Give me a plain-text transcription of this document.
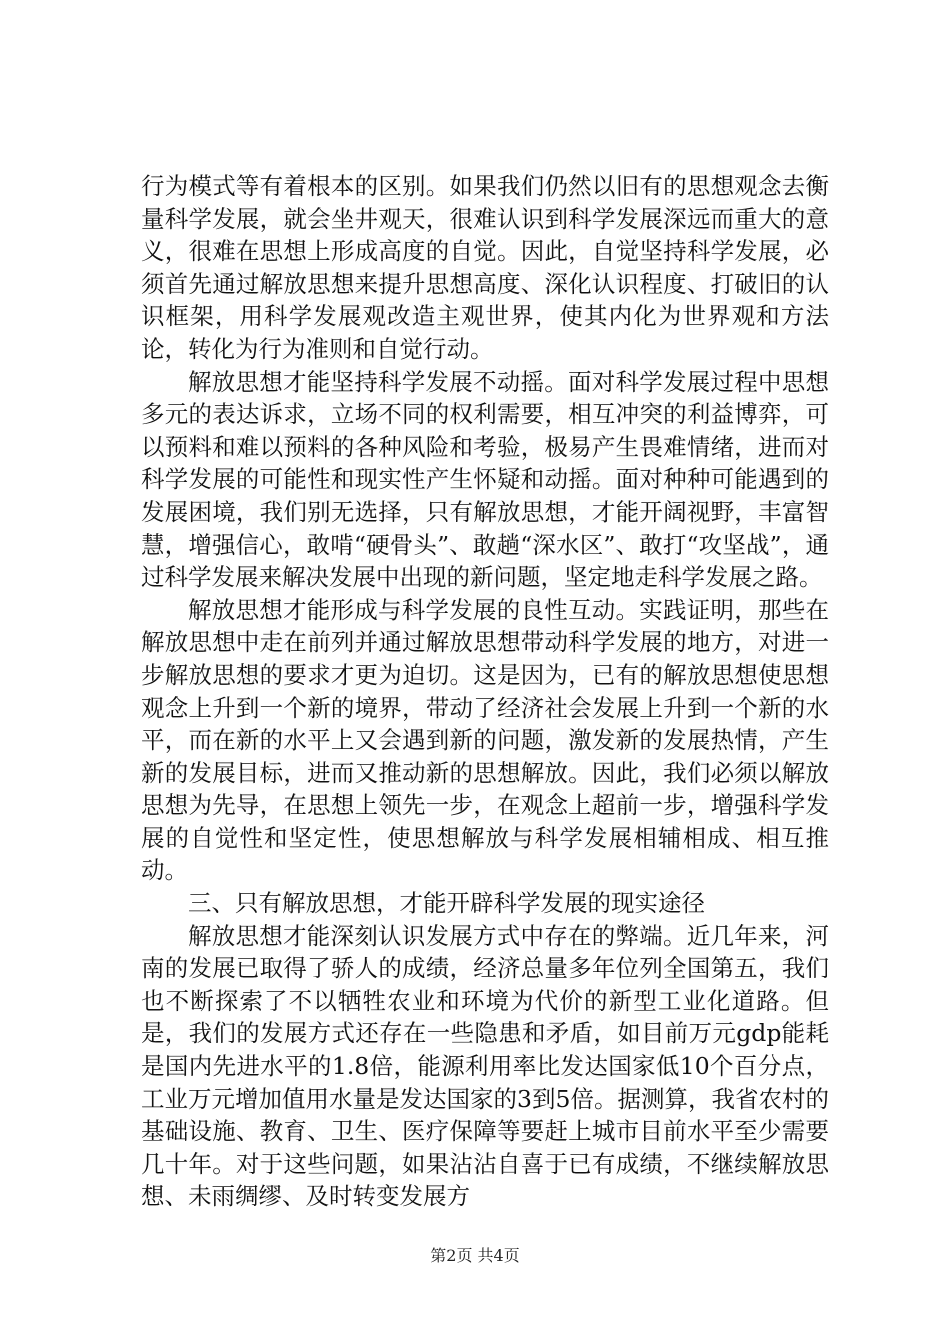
行为模式等有着根本的区别。如果我们仍然以旧有的思想观念去衡量科学发展，就会坐井观天，很难认识到科学发展深远而重大的意义，很难在思想上形成高度的自觉。因此，自觉坚持科学发展，必须首先通过解放思想来提升思想高度、深化认识程度、打破旧的认识框架，用科学发展观改造主观世界，使其内化为世界观和方法论，转化为行为准则和自觉行动。

解放思想才能坚持科学发展不动摇。面对科学发展过程中思想多元的表达诉求，立场不同的权利需要，相互冲突的利益博弈，可以预料和难以预料的各种风险和考验，极易产生畏难情绪，进而对科学发展的可能性和现实性产生怀疑和动摇。面对种种可能遇到的发展困境，我们别无选择，只有解放思想，才能开阔视野，丰富智慧，增强信心，敢啃“硬骨头”、敢趟“深水区”、敢打“攻坚战”，通过科学发展来解决发展中出现的新问题，坚定地走科学发展之路。

解放思想才能形成与科学发展的良性互动。实践证明，那些在解放思想中走在前列并通过解放思想带动科学发展的地方，对进一步解放思想的要求才更为迫切。这是因为，已有的解放思想使思想观念上升到一个新的境界，带动了经济社会发展上升到一个新的水平，而在新的水平上又会遇到新的问题，激发新的发展热情，产生新的发展目标，进而又推动新的思想解放。因此，我们必须以解放思想为先导，在思想上领先一步，在观念上超前一步，增强科学发展的自觉性和坚定性，使思想解放与科学发展相辅相成、相互推动。

三、只有解放思想，才能开辟科学发展的现实途径

解放思想才能深刻认识发展方式中存在的弊端。近几年来，河南的发展已取得了骄人的成绩，经济总量多年位列全国第五，我们也不断探索了不以牺牲农业和环境为代价的新型工业化道路。但是，我们的发展方式还存在一些隐患和矛盾，如目前万元gdp能耗是国内先进水平的1.8倍，能源利用率比发达国家低10个百分点，工业万元增加值用水量是发达国家的3到5倍。据测算，我省农村的基础设施、教育、卫生、医疗保障等要赶上城市目前水平至少需要几十年。对于这些问题，如果沾沾自喜于已有成绩，不继续解放思想、未雨绸缪、及时转变发展方

第2页 共4页
